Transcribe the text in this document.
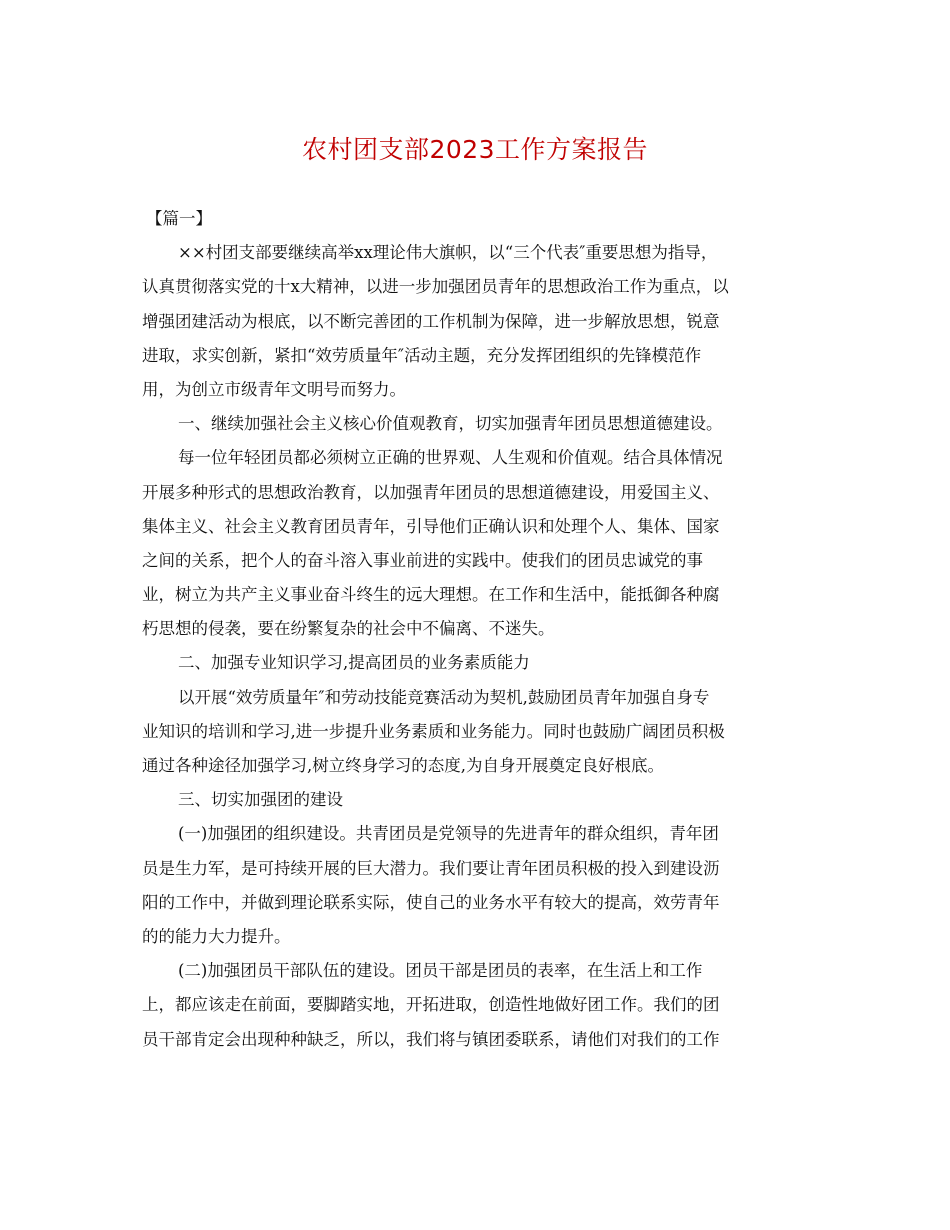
农村团支部2023工作方案报告
【篇一】
××村团支部要继续高举xx理论伟大旗帜，以“三个代表″重要思想为指导，
认真贯彻落实党的十x大精神，以进一步加强团员青年的思想政治工作为重点，以
增强团建活动为根底，以不断完善团的工作机制为保障，进一步解放思想，锐意
进取，求实创新，紧扣“效劳质量年″活动主题，充分发挥团组织的先锋模范作
用，为创立市级青年文明号而努力。
一、继续加强社会主义核心价值观教育，切实加强青年团员思想道德建设。
每一位年轻团员都必须树立正确的世界观、人生观和价值观。结合具体情况
开展多种形式的思想政治教育，以加强青年团员的思想道德建设，用爱国主义、
集体主义、社会主义教育团员青年，引导他们正确认识和处理个人、集体、国家
之间的关系，把个人的奋斗溶入事业前进的实践中。使我们的团员忠诚党的事
业，树立为共产主义事业奋斗终生的远大理想。在工作和生活中，能抵御各种腐
朽思想的侵袭，要在纷繁复杂的社会中不偏离、不迷失。
二、加强专业知识学习,提高团员的业务素质能力
以开展“效劳质量年″和劳动技能竞赛活动为契机,鼓励团员青年加强自身专
业知识的培训和学习,进一步提升业务素质和业务能力。同时也鼓励广阔团员积极
通过各种途径加强学习,树立终身学习的态度,为自身开展奠定良好根底。
三、切实加强团的建设
(一)加强团的组织建设。共青团员是党领导的先进青年的群众组织，青年团
员是生力军，是可持续开展的巨大潜力。我们要让青年团员积极的投入到建设沥
阳的工作中，并做到理论联系实际，使自己的业务水平有较大的提高，效劳青年
的的能力大力提升。
(二)加强团员干部队伍的建设。团员干部是团员的表率，在生活上和工作
上，都应该走在前面，要脚踏实地，开拓进取，创造性地做好团工作。我们的团
员干部肯定会出现种种缺乏，所以，我们将与镇团委联系，请他们对我们的工作
